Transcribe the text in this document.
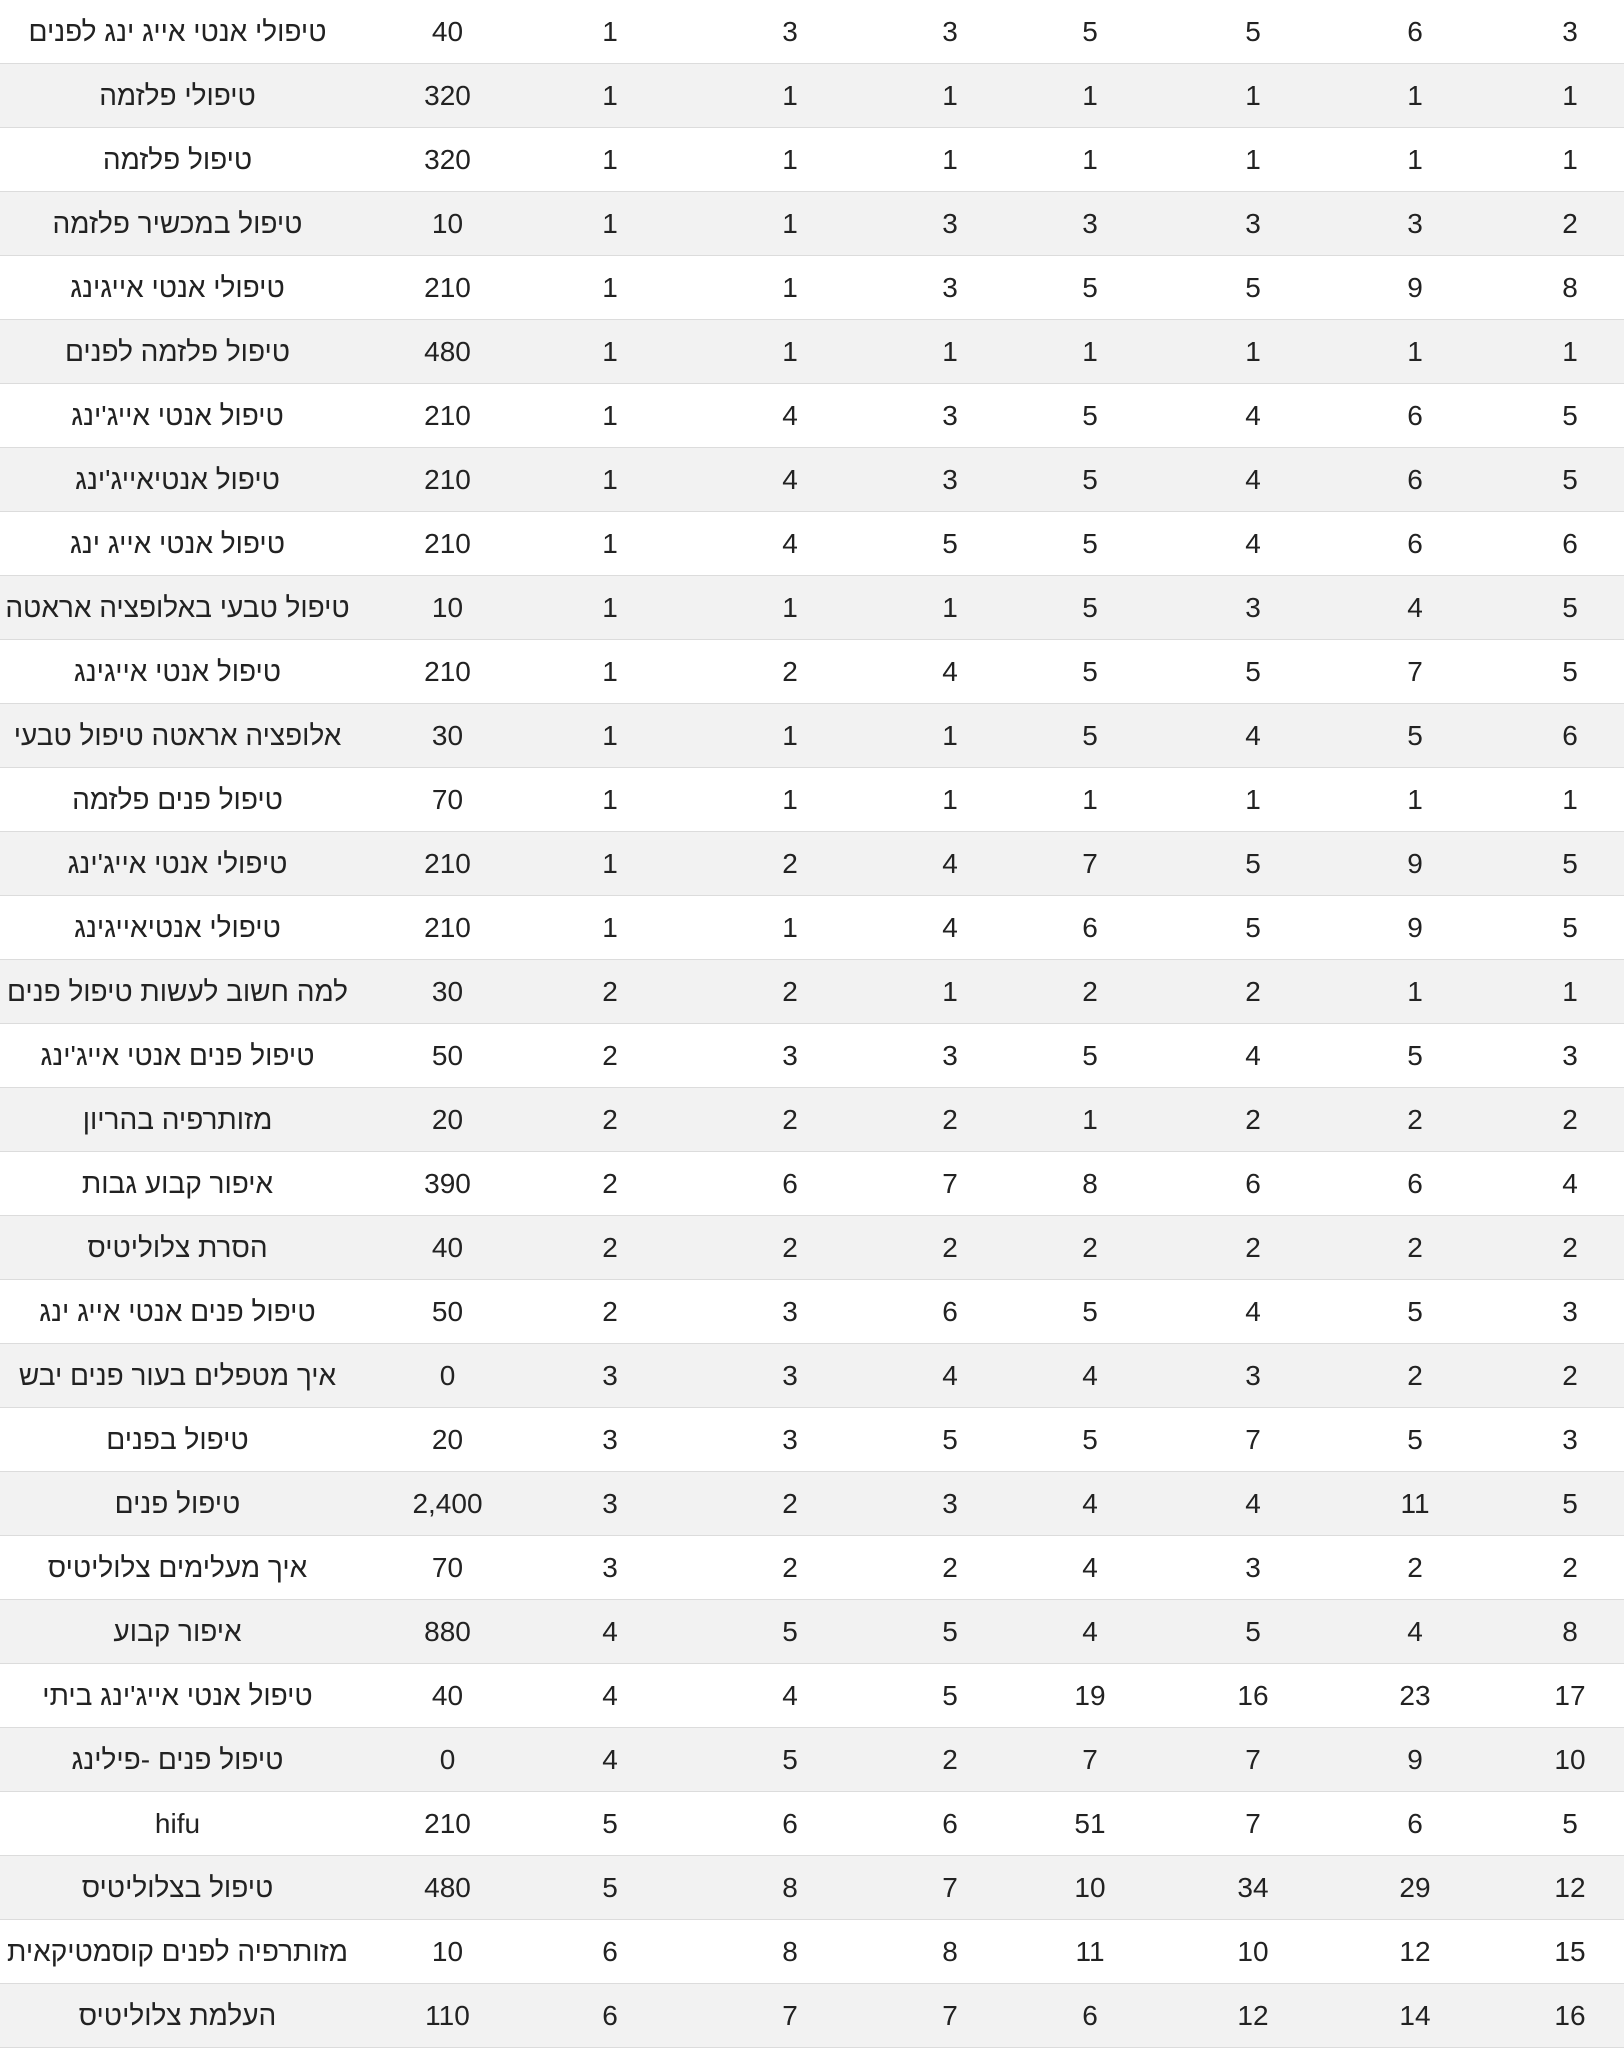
טיפולי אנטי אייג ינג לפנים	40	1	3	3	5	5	6	3
טיפולי פלזמה	320	1	1	1	1	1	1	1
טיפול פלזמה	320	1	1	1	1	1	1	1
טיפול במכשיר פלזמה	10	1	1	3	3	3	3	2
טיפולי אנטי אייגינג	210	1	1	3	5	5	9	8
טיפול פלזמה לפנים	480	1	1	1	1	1	1	1
טיפול אנטי אייג'ינג	210	1	4	3	5	4	6	5
טיפול אנטיאייג'ינג	210	1	4	3	5	4	6	5
טיפול אנטי אייג ינג	210	1	4	5	5	4	6	6
טיפול טבעי באלופציה אראטה	10	1	1	1	5	3	4	5
טיפול אנטי אייגינג	210	1	2	4	5	5	7	5
אלופציה אראטה טיפול טבעי	30	1	1	1	5	4	5	6
טיפול פנים פלזמה	70	1	1	1	1	1	1	1
טיפולי אנטי אייג'ינג	210	1	2	4	7	5	9	5
טיפולי אנטיאייגינג	210	1	1	4	6	5	9	5
למה חשוב לעשות טיפול פנים	30	2	2	1	2	2	1	1
טיפול פנים אנטי אייג'ינג	50	2	3	3	5	4	5	3
מזותרפיה בהריון	20	2	2	2	1	2	2	2
איפור קבוע גבות	390	2	6	7	8	6	6	4
הסרת צלוליטיס	40	2	2	2	2	2	2	2
טיפול פנים אנטי אייג ינג	50	2	3	6	5	4	5	3
איך מטפלים בעור פנים יבש	0	3	3	4	4	3	2	2
טיפול בפנים	20	3	3	5	5	7	5	3
טיפול פנים	2,400	3	2	3	4	4	11	5
איך מעלימים צלוליטיס	70	3	2	2	4	3	2	2
איפור קבוע	880	4	5	5	4	5	4	8
טיפול אנטי אייג'ינג ביתי	40	4	4	5	19	16	23	17
טיפול פנים -פילינג	0	4	5	2	7	7	9	10
hifu	210	5	6	6	51	7	6	5
טיפול בצלוליטיס	480	5	8	7	10	34	29	12
מזותרפיה לפנים קוסמטיקאית	10	6	8	8	11	10	12	15
העלמת צלוליטיס	110	6	7	7	6	12	14	16
